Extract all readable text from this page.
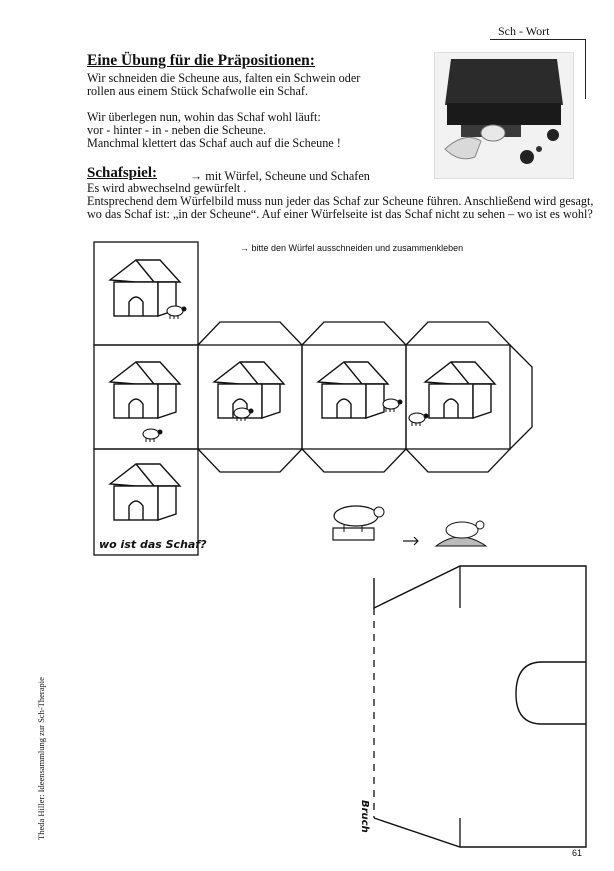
Sch - Wort
Eine Übung für die Präpositionen:
Wir schneiden die Scheune aus, falten ein Schwein oder
rollen aus einem Stück Schafwolle ein Schaf.
Wir überlegen nun, wohin das Schaf wohl läuft:
vor - hinter - in - neben die Scheune.
Manchmal klettert das Schaf auch auf die Scheune !
Schafspiel:	→ mit Würfel, Scheune und Schafen
Es wird abwechselnd gewürfelt .
Entsprechend dem Würfelbild muss nun jeder das Schaf zur Scheune führen. Anschließend wird gesagt,
wo das Schaf ist: „in der Scheune“. Auf einer Würfelseite ist das Schaf nicht zu sehen – wo ist es wohl?
→ bitte den Würfel ausschneiden und zusammenkleben
wo ist das Schaf?
Bruch
Theda Hiller: Ideensammlung zur Sch-Therapie
61
